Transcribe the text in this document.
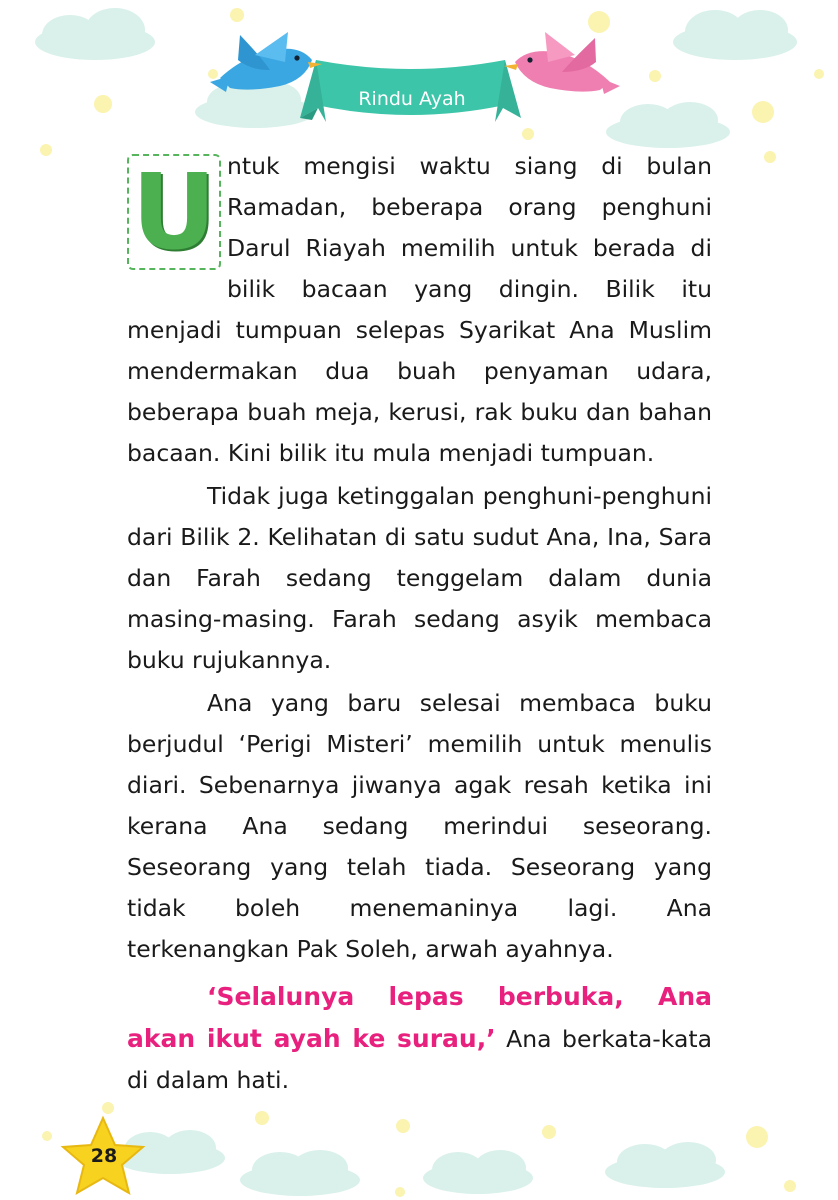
Rindu Ayah

U ntuk mengisi waktu siang di bulan Ramadan, beberapa orang penghuni Darul Riayah memilih untuk berada di bilik bacaan yang dingin. Bilik itu menjadi tumpuan selepas Syarikat Ana Muslim mendermakan dua buah penyaman udara, beberapa buah meja, kerusi, rak buku dan bahan bacaan. Kini bilik itu mula menjadi tumpuan.

Tidak juga ketinggalan penghuni-penghuni dari Bilik 2. Kelihatan di satu sudut Ana, Ina, Sara dan Farah sedang tenggelam dalam dunia masing-masing. Farah sedang asyik membaca buku rujukannya.

Ana yang baru selesai membaca buku berjudul ‘Perigi Misteri’ memilih untuk menulis diari. Sebenarnya jiwanya agak resah ketika ini kerana Ana sedang merindui seseorang. Seseorang yang telah tiada. Seseorang yang tidak boleh menemaninya lagi. Ana terkenangkan Pak Soleh, arwah ayahnya.

‘Selalunya lepas berbuka, Ana akan ikut ayah ke surau,’ Ana berkata-kata di dalam hati.

28
